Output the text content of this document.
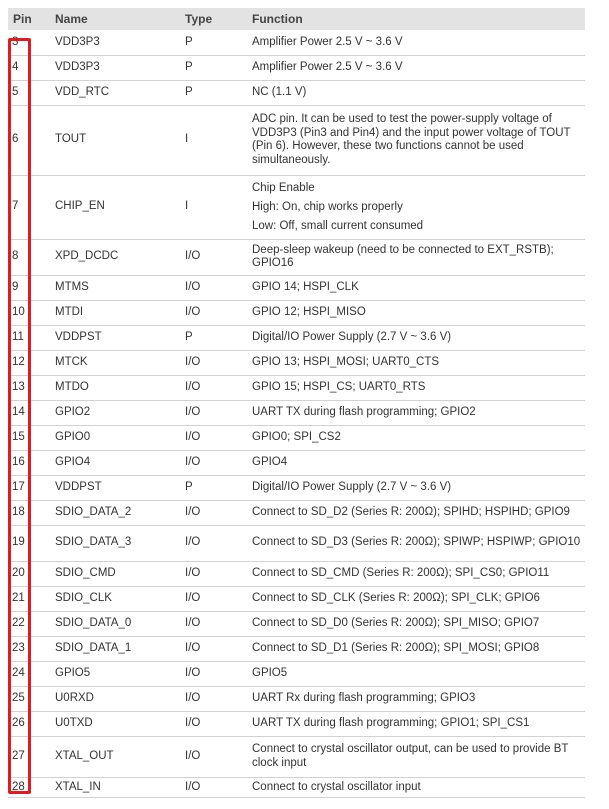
Pin	Name	Type	Function
3	VDD3P3	P	Amplifier Power 2.5 V ~ 3.6 V
4	VDD3P3	P	Amplifier Power 2.5 V ~ 3.6 V
5	VDD_RTC	P	NC (1.1 V)
6	TOUT	I	ADC pin. It can be used to test the power-supply voltage of VDD3P3 (Pin3 and Pin4) and the input power voltage of TOUT (Pin 6). However, these two functions cannot be used simultaneously.
7	CHIP_EN	I	Chip Enable
High: On, chip works properly
Low: Off, small current consumed

8	XPD_DCDC	I/O	Deep-sleep wakeup (need to be connected to EXT_RSTB); GPIO16
9	MTMS	I/O	GPIO 14; HSPI_CLK
10	MTDI	I/O	GPIO 12; HSPI_MISO
11	VDDPST	P	Digital/IO Power Supply (2.7 V ~ 3.6 V)
12	MTCK	I/O	GPIO 13; HSPI_MOSI; UART0_CTS
13	MTDO	I/O	GPIO 15; HSPI_CS; UART0_RTS
14	GPIO2	I/O	UART TX during flash programming; GPIO2
15	GPIO0	I/O	GPIO0; SPI_CS2
16	GPIO4	I/O	GPIO4
17	VDDPST	P	Digital/IO Power Supply (2.7 V ~ 3.6 V)
18	SDIO_DATA_2	I/O	Connect to SD_D2 (Series R: 200Ω); SPIHD; HSPIHD; GPIO9
19	SDIO_DATA_3	I/O	Connect to SD_D3 (Series R: 200Ω); SPIWP; HSPIWP; GPIO10
20	SDIO_CMD	I/O	Connect to SD_CMD (Series R: 200Ω); SPI_CS0; GPIO11
21	SDIO_CLK	I/O	Connect to SD_CLK (Series R: 200Ω); SPI_CLK; GPIO6
22	SDIO_DATA_0	I/O	Connect to SD_D0 (Series R: 200Ω); SPI_MISO; GPIO7
23	SDIO_DATA_1	I/O	Connect to SD_D1 (Series R: 200Ω); SPI_MOSI; GPIO8
24	GPIO5	I/O	GPIO5
25	U0RXD	I/O	UART Rx during flash programming; GPIO3
26	U0TXD	I/O	UART TX during flash programming; GPIO1; SPI_CS1
27	XTAL_OUT	I/O	Connect to crystal oscillator output, can be used to provide BT clock input
28	XTAL_IN	I/O	Connect to crystal oscillator input
